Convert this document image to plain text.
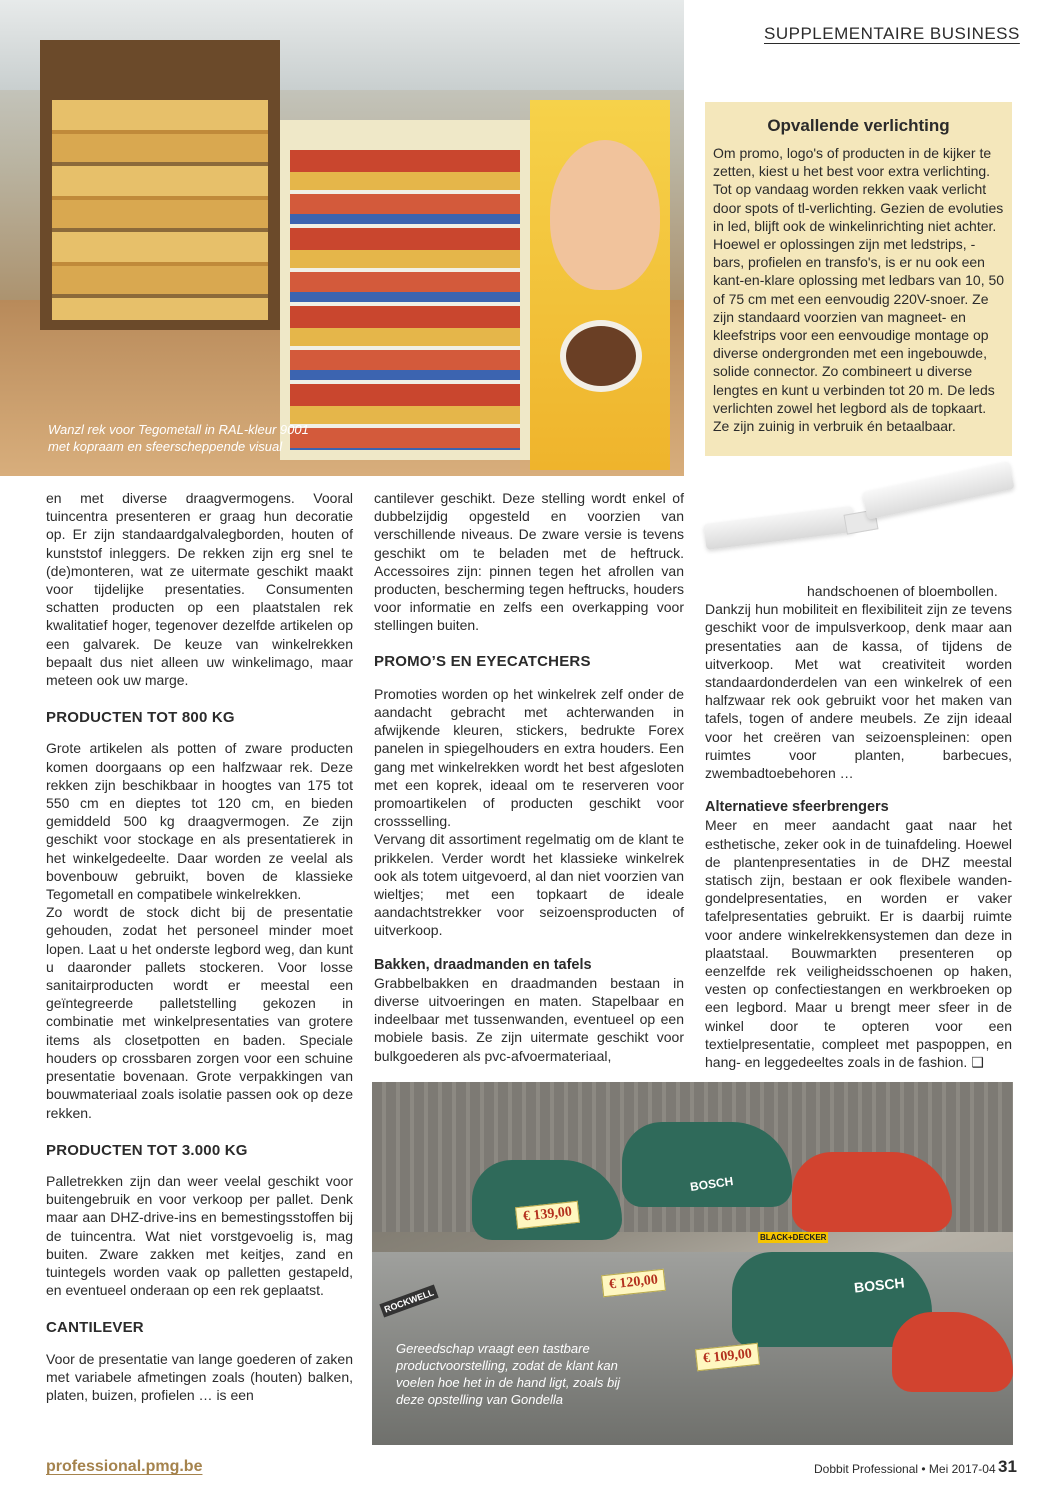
Wanzl rek voor Tegometall in RAL-kleur 9001
met kopraam en sfeerscheppende visual
SUPPLEMENTAIRE BUSINESS
Opvallende verlichting
Om promo, logo's of producten in de kijker te zetten, kiest u het best voor extra verlichting. Tot op vandaag worden rekken vaak verlicht door spots of tl-verlichting. Gezien de evoluties in led, blijft ook de winkelinrichting niet achter. Hoewel er oplossingen zijn met ledstrips, -bars, profielen en transfo's, is er nu ook een kant-en-klare oplossing met ledbars van 10, 50 of 75 cm met een eenvoudig 220V-snoer. Ze zijn standaard voorzien van magneet- en kleefstrips voor een eenvoudige montage op diverse ondergronden met een ingebouwde, solide connector. Zo combineert u diverse lengtes en kunt u verbinden tot 20 m. De leds verlichten zowel het legbord als de topkaart. Ze zijn zuinig in verbruik én betaalbaar.

en met diverse draagvermogens. Vooral tuincentra presenteren er graag hun decoratie op. Er zijn standaardgalvalegborden, houten of kunststof inleggers. De rekken zijn erg snel te (de)monteren, wat ze uitermate geschikt maakt voor tijdelijke presentaties. Consumenten schatten producten op een plaatstalen rek kwalitatief hoger, tegenover dezelfde artikelen op een galvarek. De keuze van winkelrekken bepaalt dus niet alleen uw winkelimago, maar meteen ook uw marge.

PRODUCTEN TOT 800 KG

Grote artikelen als potten of zware producten komen doorgaans op een halfzwaar rek. Deze rekken zijn beschikbaar in hoogtes van 175 tot 550 cm en dieptes tot 120 cm, en bieden gemiddeld 500 kg draagvermogen. Ze zijn geschikt voor stockage en als presentatierek in het winkelgedeelte. Daar worden ze veelal als bovenbouw gebruikt, boven de klassieke Tegometall en compatibele winkelrekken.

Zo wordt de stock dicht bij de presentatie gehouden, zodat het personeel minder moet lopen. Laat u het onderste legbord weg, dan kunt u daaronder pallets stockeren. Voor losse sanitairproducten wordt er meestal een geïntegreerde palletstelling gekozen in combinatie met winkelpresentaties van grotere items als closetpotten en baden. Speciale houders op crossbaren zorgen voor een schuine presentatie bovenaan. Grote verpakkingen van bouwmateriaal zoals isolatie passen ook op deze rekken.

PRODUCTEN TOT 3.000 KG

Palletrekken zijn dan weer veelal geschikt voor buitengebruik en voor verkoop per pallet. Denk maar aan DHZ-drive-ins en bemestingsstoffen bij de tuincentra. Wat niet vorstgevoelig is, mag buiten. Zware zakken met keitjes, zand en tuintegels worden vaak op palletten gestapeld, en eventueel onderaan op een rek geplaatst.

CANTILEVER

Voor de presentatie van lange goederen of zaken met variabele afmetingen zoals (houten) balken, platen, buizen, profielen … is een

cantilever geschikt. Deze stelling wordt enkel of dubbelzijdig opgesteld en voorzien van verschillende niveaus. De zware versie is tevens geschikt om te beladen met de heftruck. Accessoires zijn: pinnen tegen het afrollen van producten, bescherming tegen heftrucks, houders voor informatie en zelfs een overkapping voor stellingen buiten.

PROMO’S EN EYECATCHERS

Promoties worden op het winkelrek zelf onder de aandacht gebracht met achterwanden in afwijkende kleuren, stickers, bedrukte Forex panelen in spiegelhouders en extra houders. Een gang met winkelrekken wordt het best afgesloten met een koprek, ideaal om te reserveren voor promoartikelen of producten geschikt voor crossselling.

Vervang dit assortiment regelmatig om de klant te prikkelen. Verder wordt het klassieke winkelrek ook als totem uitgevoerd, al dan niet voorzien van wieltjes; met een topkaart de ideale aandachtstrekker voor seizoensproducten of uitverkoop.

Bakken, draadmanden en tafels

Grabbelbakken en draadmanden bestaan in diverse uitvoeringen en maten. Stapelbaar en indeelbaar met tussenwanden, eventueel op een mobiele basis. Ze zijn uitermate geschikt voor bulkgoederen als pvc-afvoermateriaal,

handschoenen of bloembollen.

Dankzij hun mobiliteit en flexibiliteit zijn ze tevens geschikt voor de impulsverkoop, denk maar aan presentaties aan de kassa, of tijdens de uitverkoop. Met wat creativiteit worden standaardonderdelen van een winkelrek of een halfzwaar rek ook gebruikt voor het maken van tafels, togen of andere meubels. Ze zijn ideaal voor het creëren van seizoenspleinen: open ruimtes voor planten, barbecues, zwembadtoebehoren …

Alternatieve sfeerbrengers

Meer en meer aandacht gaat naar het esthetische, zeker ook in de tuinafdeling. Hoewel de plantenpresentaties in de DHZ meestal statisch zijn, bestaan er ook flexibele wanden-gondelpresentaties, en worden er vaker tafelpresentaties gebruikt. Er is daarbij ruimte voor andere winkelrekkensystemen dan deze in plaatstaal. Bouwmarkten presenteren op eenzelfde rek veiligheidsschoenen op haken, vesten op confectiestangen en werkbroeken op een legbord. Maar u brengt meer sfeer in de winkel door te opteren voor een textielpresentatie, compleet met paspoppen, en hang- en leggedeeltes zoals in de fashion. ❑

BOSCH
BOSCH
BLACK+DECKER
ROCKWELL
€ 139,00
€ 120,00
€ 109,00
Gereedschap vraagt een tastbare
productvoorstelling, zodat de klant kan
voelen hoe het in de hand ligt, zoals bij
deze opstelling van Gondella
professional.pmg.be	Dobbit Professional • Mei 2017-04 31
